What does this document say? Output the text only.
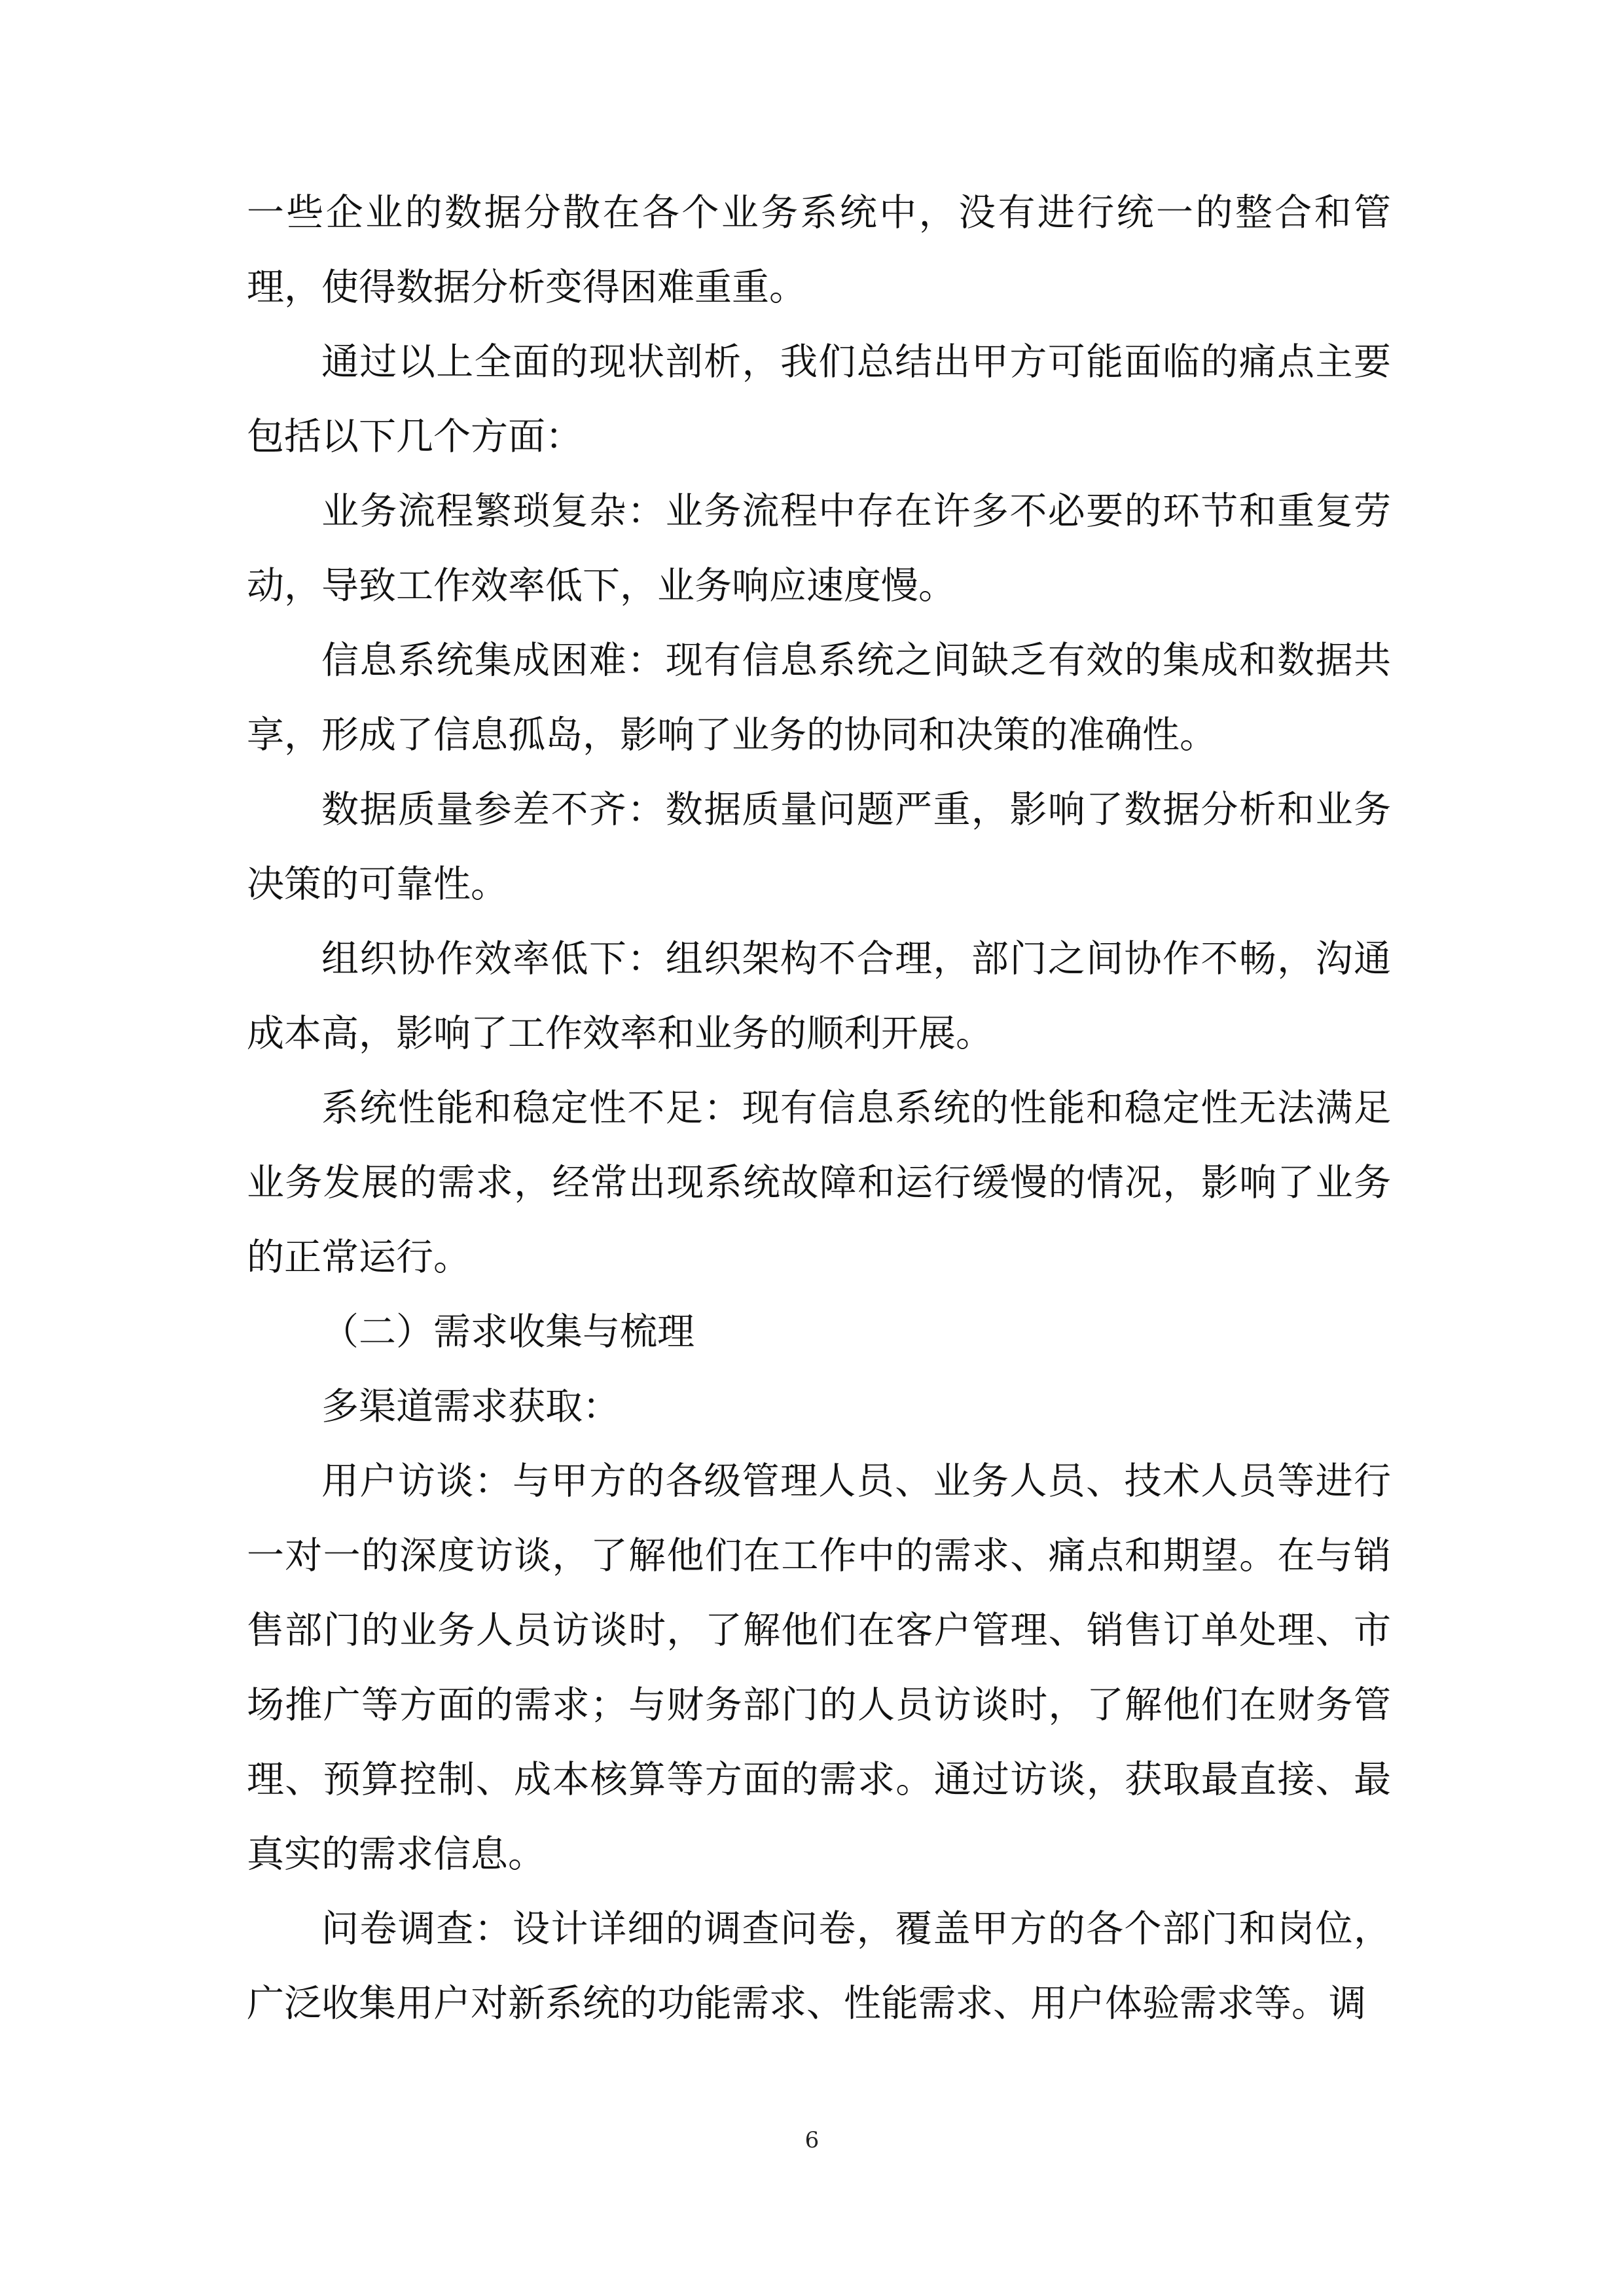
一些企业的数据分散在各个业务系统中，没有进行统一的整合和管理，使得数据分析变得困难重重。

通过以上全面的现状剖析，我们总结出甲方可能面临的痛点主要包括以下几个方面：

业务流程繁琐复杂：业务流程中存在许多不必要的环节和重复劳动，导致工作效率低下，业务响应速度慢。

信息系统集成困难：现有信息系统之间缺乏有效的集成和数据共享，形成了信息孤岛，影响了业务的协同和决策的准确性。

数据质量参差不齐：数据质量问题严重，影响了数据分析和业务决策的可靠性。

组织协作效率低下：组织架构不合理，部门之间协作不畅，沟通成本高，影响了工作效率和业务的顺利开展。

系统性能和稳定性不足：现有信息系统的性能和稳定性无法满足业务发展的需求，经常出现系统故障和运行缓慢的情况，影响了业务的正常运行。

（二）需求收集与梳理

多渠道需求获取：

用户访谈：与甲方的各级管理人员、业务人员、技术人员等进行一对一的深度访谈，了解他们在工作中的需求、痛点和期望。在与销售部门的业务人员访谈时，了解他们在客户管理、销售订单处理、市场推广等方面的需求；与财务部门的人员访谈时，了解他们在财务管理、预算控制、成本核算等方面的需求。通过访谈，获取最直接、最真实的需求信息。

问卷调查：设计详细的调查问卷，覆盖甲方的各个部门和岗位，广泛收集用户对新系统的功能需求、性能需求、用户体验需求等。调

6
